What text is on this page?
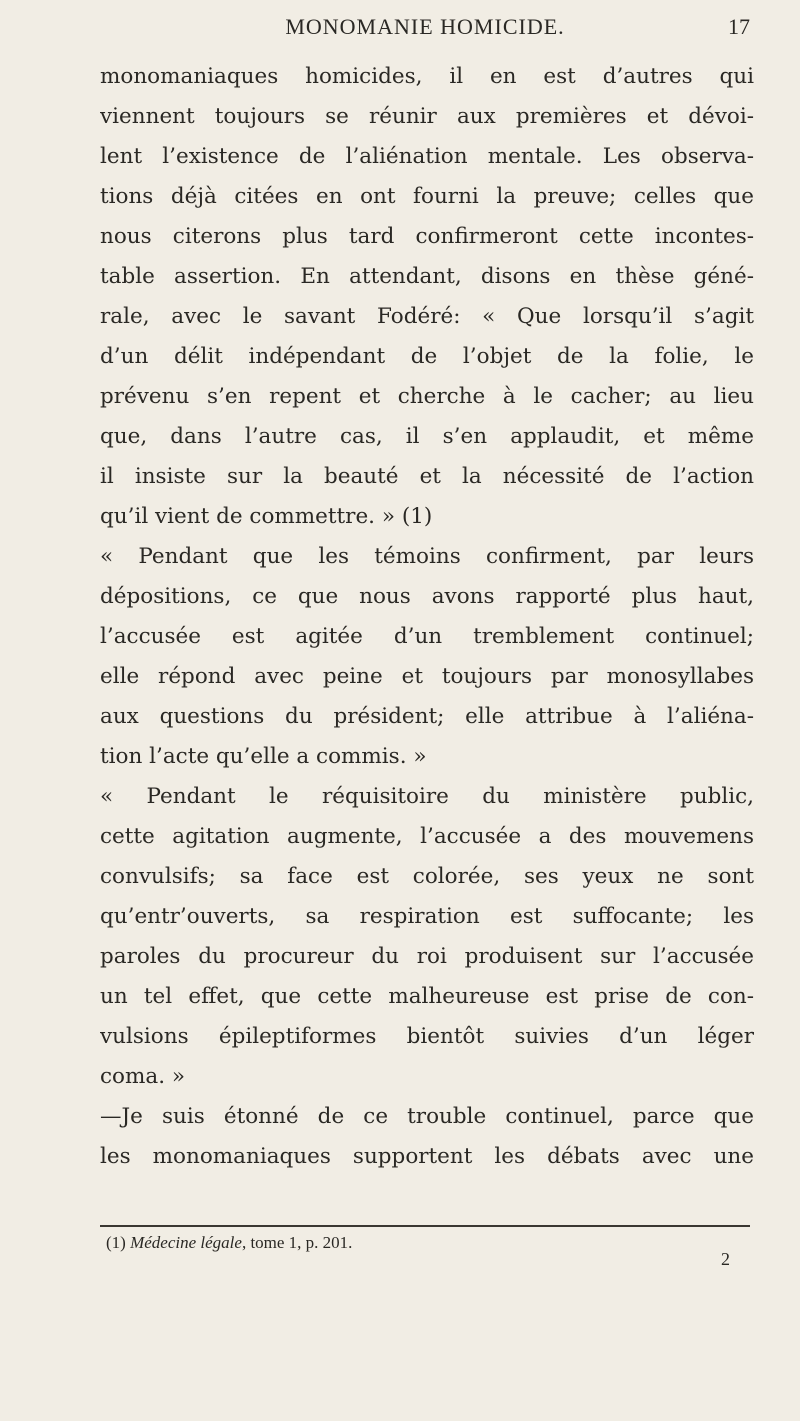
MONOMANIE HOMICIDE.	17
monomaniaques homicides, il en est d’autres qui
viennent toujours se réunir aux premières et dévoi-
lent l’existence de l’aliénation mentale. Les observa-
tions déjà citées en ont fourni la preuve; celles que
nous citerons plus tard confirmeront cette incontes-
table assertion. En attendant, disons en thèse géné-
rale, avec le savant Fodéré: « Que lorsqu’il s’agit
d’un délit indépendant de l’objet de la folie, le
prévenu s’en repent et cherche à le cacher; au lieu
que, dans l’autre cas, il s’en applaudit, et même
il insiste sur la beauté et la nécessité de l’action
qu’il vient de commettre. » (1)
« Pendant que les témoins confirment, par leurs
dépositions, ce que nous avons rapporté plus haut,
l’accusée est agitée d’un tremblement continuel;
elle répond avec peine et toujours par monosyllabes
aux questions du président; elle attribue à l’aliéna-
tion l’acte qu’elle a commis. »
« Pendant le réquisitoire du ministère public,
cette agitation augmente, l’accusée a des mouvemens
convulsifs; sa face est colorée, ses yeux ne sont
qu’entr’ouverts, sa respiration est suffocante; les
paroles du procureur du roi produisent sur l’accusée
un tel effet, que cette malheureuse est prise de con-
vulsions épileptiformes bientôt suivies d’un léger
coma. »
—Je suis étonné de ce trouble continuel, parce que
les monomaniaques supportent les débats avec une
(1) Médecine légale, tome 1, p. 201.
2
